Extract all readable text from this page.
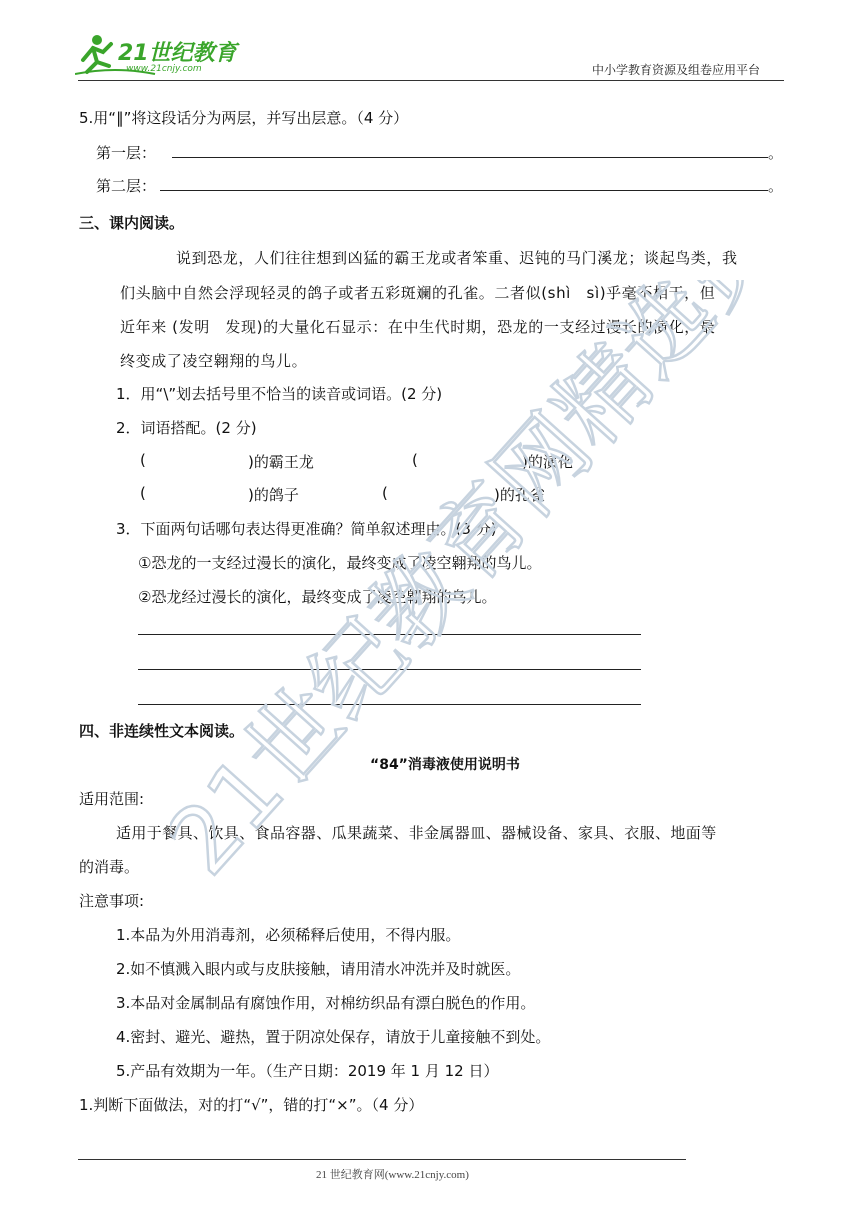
21世纪教育
www.21cnjy.com	中小学教育资源及组卷应用平台
5.用“‖”将这段话分为两层，并写出层意。（4 分）
第一层：	。
第二层：	。
三、课内阅读。
说到恐龙，人们往往想到凶猛的霸王龙或者笨重、迟钝的马门溪龙；谈起鸟类，我
们头脑中自然会浮现轻灵的鸽子或者五彩斑斓的孔雀。二者似(shì　sì)乎毫不相干，但
近年来 (发明　发现)的大量化石显示：在中生代时期，恐龙的一支经过漫长的演化，最
终变成了凌空翱翔的鸟儿。
1．用“\”划去括号里不恰当的读音或词语。(2 分)
2．词语搭配。(2 分)
(	)的霸王龙	(	)的演化
(	)的鸽子	(	)的孔雀
3．下面两句话哪句表达得更准确？简单叙述理由。(3 分)
①恐龙的一支经过漫长的演化，最终变成了凌空翱翔的鸟儿。
②恐龙经过漫长的演化，最终变成了凌空翱翔的鸟儿。
四、非连续性文本阅读。
“84”消毒液使用说明书
适用范围:
适用于餐具、饮具、食品容器、瓜果蔬菜、非金属器皿、器械设备、家具、衣服、地面等
的消毒。
注意事项:
1.本品为外用消毒剂，必须稀释后使用，不得内服。
2.如不慎溅入眼内或与皮肤接触，请用清水冲洗并及时就医。
3.本品对金属制品有腐蚀作用，对棉纺织品有漂白脱色的作用。
4.密封、避光、避热，置于阴凉处保存，请放于儿童接触不到处。
5.产品有效期为一年。（生产日期：2019 年 1 月 12 日）
1.判断下面做法，对的打“√”，错的打“×”。（4 分）
21 世纪教育网(www.21cnjy.com)
21世纪教育网精选资料
